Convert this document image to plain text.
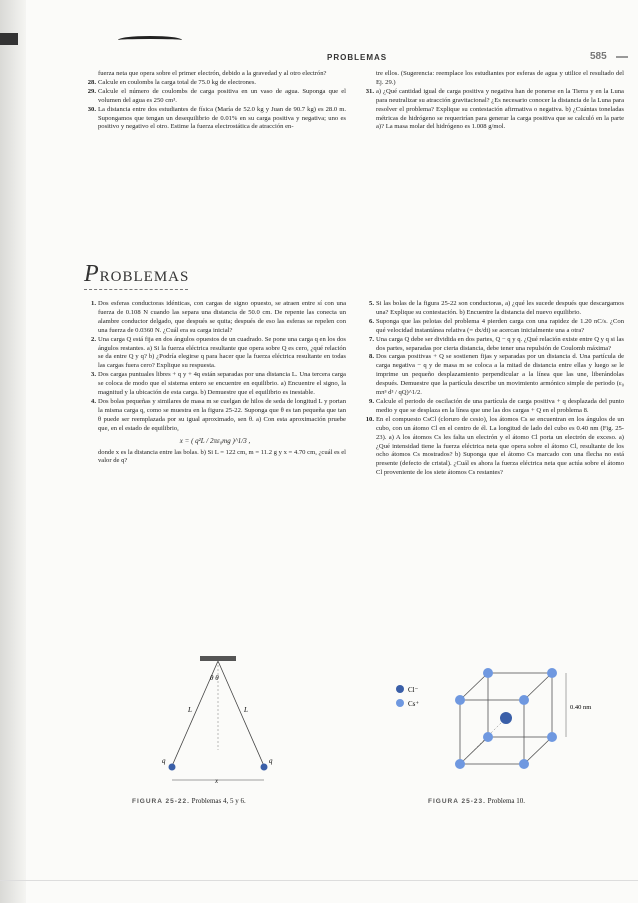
PROBLEMAS	585
fuerza neta que opera sobre el primer electrón, debido a la gravedad y al otro electrón?
28. Calcule en coulombs la carga total de 75.0 kg de electrones.
29. Calcule el número de coulombs de carga positiva en un vaso de agua. Suponga que el volumen del agua es 250 cm³.
30. La distancia entre dos estudiantes de física (María de 52.0 kg y Juan de 90.7 kg) es 28.0 m. Supongamos que tengan un desequilibrio de 0.01% en su carga positiva y negativa; uno es positivo y negativo el otro. Estime la fuerza electrostática de atracción en-
tre ellos. (Sugerencia: reemplace los estudiantes por esferas de agua y utilice el resultado del Ej. 29.)
31. a) ¿Qué cantidad igual de carga positiva y negativa han de ponerse en la Tierra y en la Luna para neutralizar su atracción gravitacional? ¿Es necesario conocer la distancia de la Luna para resolver el problema? Explique su contestación afirmativa o negativa. b) ¿Cuántas toneladas métricas de hidrógeno se requerirían para generar la carga positiva que se calculó en la parte a)? La masa molar del hidrógeno es 1.008 g/mol.
PROBLEMAS
1. Dos esferas conductoras idénticas, con cargas de signo opuesto, se atraen entre sí con una fuerza de 0.108 N cuando las separa una distancia de 50.0 cm. De repente las conecta un alambre conductor delgado, que después se quita; después de eso las esferas se repelen con una fuerza de 0.0360 N. ¿Cuál era su carga inicial?
2. Una carga Q está fija en dos ángulos opuestos de un cuadrado. Se pone una carga q en los dos ángulos restantes. a) Si la fuerza eléctrica resultante que opera sobre Q es cero, ¿qué relación se da entre Q y q? b) ¿Podría elegirse q para hacer que la fuerza eléctrica resultante en todas las cargas fuera cero? Explique su respuesta.
3. Dos cargas puntuales libres + q y + 4q están separadas por una distancia L. Una tercera carga se coloca de modo que el sistema entero se encuentre en equilibrio. a) Encuentre el signo, la magnitud y la ubicación de esta carga. b) Demuestre que el equilibrio es inestable.
4. Dos bolas pequeñas y similares de masa m se cuelgan de hilos de seda de longitud L y portan la misma carga q, como se muestra en la figura 25-22. Suponga que θ es tan pequeña que tan θ puede ser reemplazada por su igual aproximado, sen θ. a) Con esta aproximación pruebe que, en el estado de equilibrio,
x = ( q²L / 2πε₀mg )^1/3 ,
donde x es la distancia entre las bolas. b) Si L = 122 cm, m = 11.2 g y x = 4.70 cm, ¿cuál es el valor de q?
5. Si las bolas de la figura 25-22 son conductoras, a) ¿qué les sucede después que descargamos una? Explique su contestación. b) Encuentre la distancia del nuevo equilibrio.
6. Suponga que las pelotas del problema 4 pierden carga con una rapidez de 1.20 nC/s. ¿Con qué velocidad instantánea relativa (= dx/dt) se acercan inicialmente una a otra?
7. Una carga Q debe ser dividida en dos partes, Q − q y q. ¿Qué relación existe entre Q y q si las dos partes, separadas por cierta distancia, debe tener una repulsión de Coulomb máxima?
8. Dos cargas positivas + Q se sostienen fijas y separadas por un distancia d. Una partícula de carga negativa − q y de masa m se coloca a la mitad de distancia entre ellas y luego se le imprime un pequeño desplazamiento perpendicular a la línea que las une, liberándolas después. Demuestre que la partícula describe un movimiento armónico simple de periodo (ε₀ mπ³ d³ / qQ)^1/2.
9. Calcule el periodo de oscilación de una partícula de carga positiva + q desplazada del punto medio y que se desplaza en la línea que une las dos cargas + Q en el problema 8.
10. En el compuesto CsCl (cloruro de cesio), los átomos Cs se encuentran en los ángulos de un cubo, con un átomo Cl en el centro de él. La longitud de lado del cubo es 0.40 nm (Fig. 25-23). a) A los átomos Cs les falta un electrón y el átomo Cl porta un electrón de exceso. a) ¿Qué intensidad tiene la fuerza eléctrica neta que opera sobre el átomo Cl, resultante de los ocho átomos Cs mostrados? b) Suponga que el átomo Cs marcado con una flecha no está presente (defecto de cristal). ¿Cuál es ahora la fuerza eléctrica neta que actúa sobre el átomo Cl proveniente de los siete átomos Cs restantes?
θ θ
L	L
q	q
x
FIGURA 25-22. Problemas 4, 5 y 6.
Cl⁻
Cs⁺	0.40 nm
FIGURA 25-23. Problema 10.
